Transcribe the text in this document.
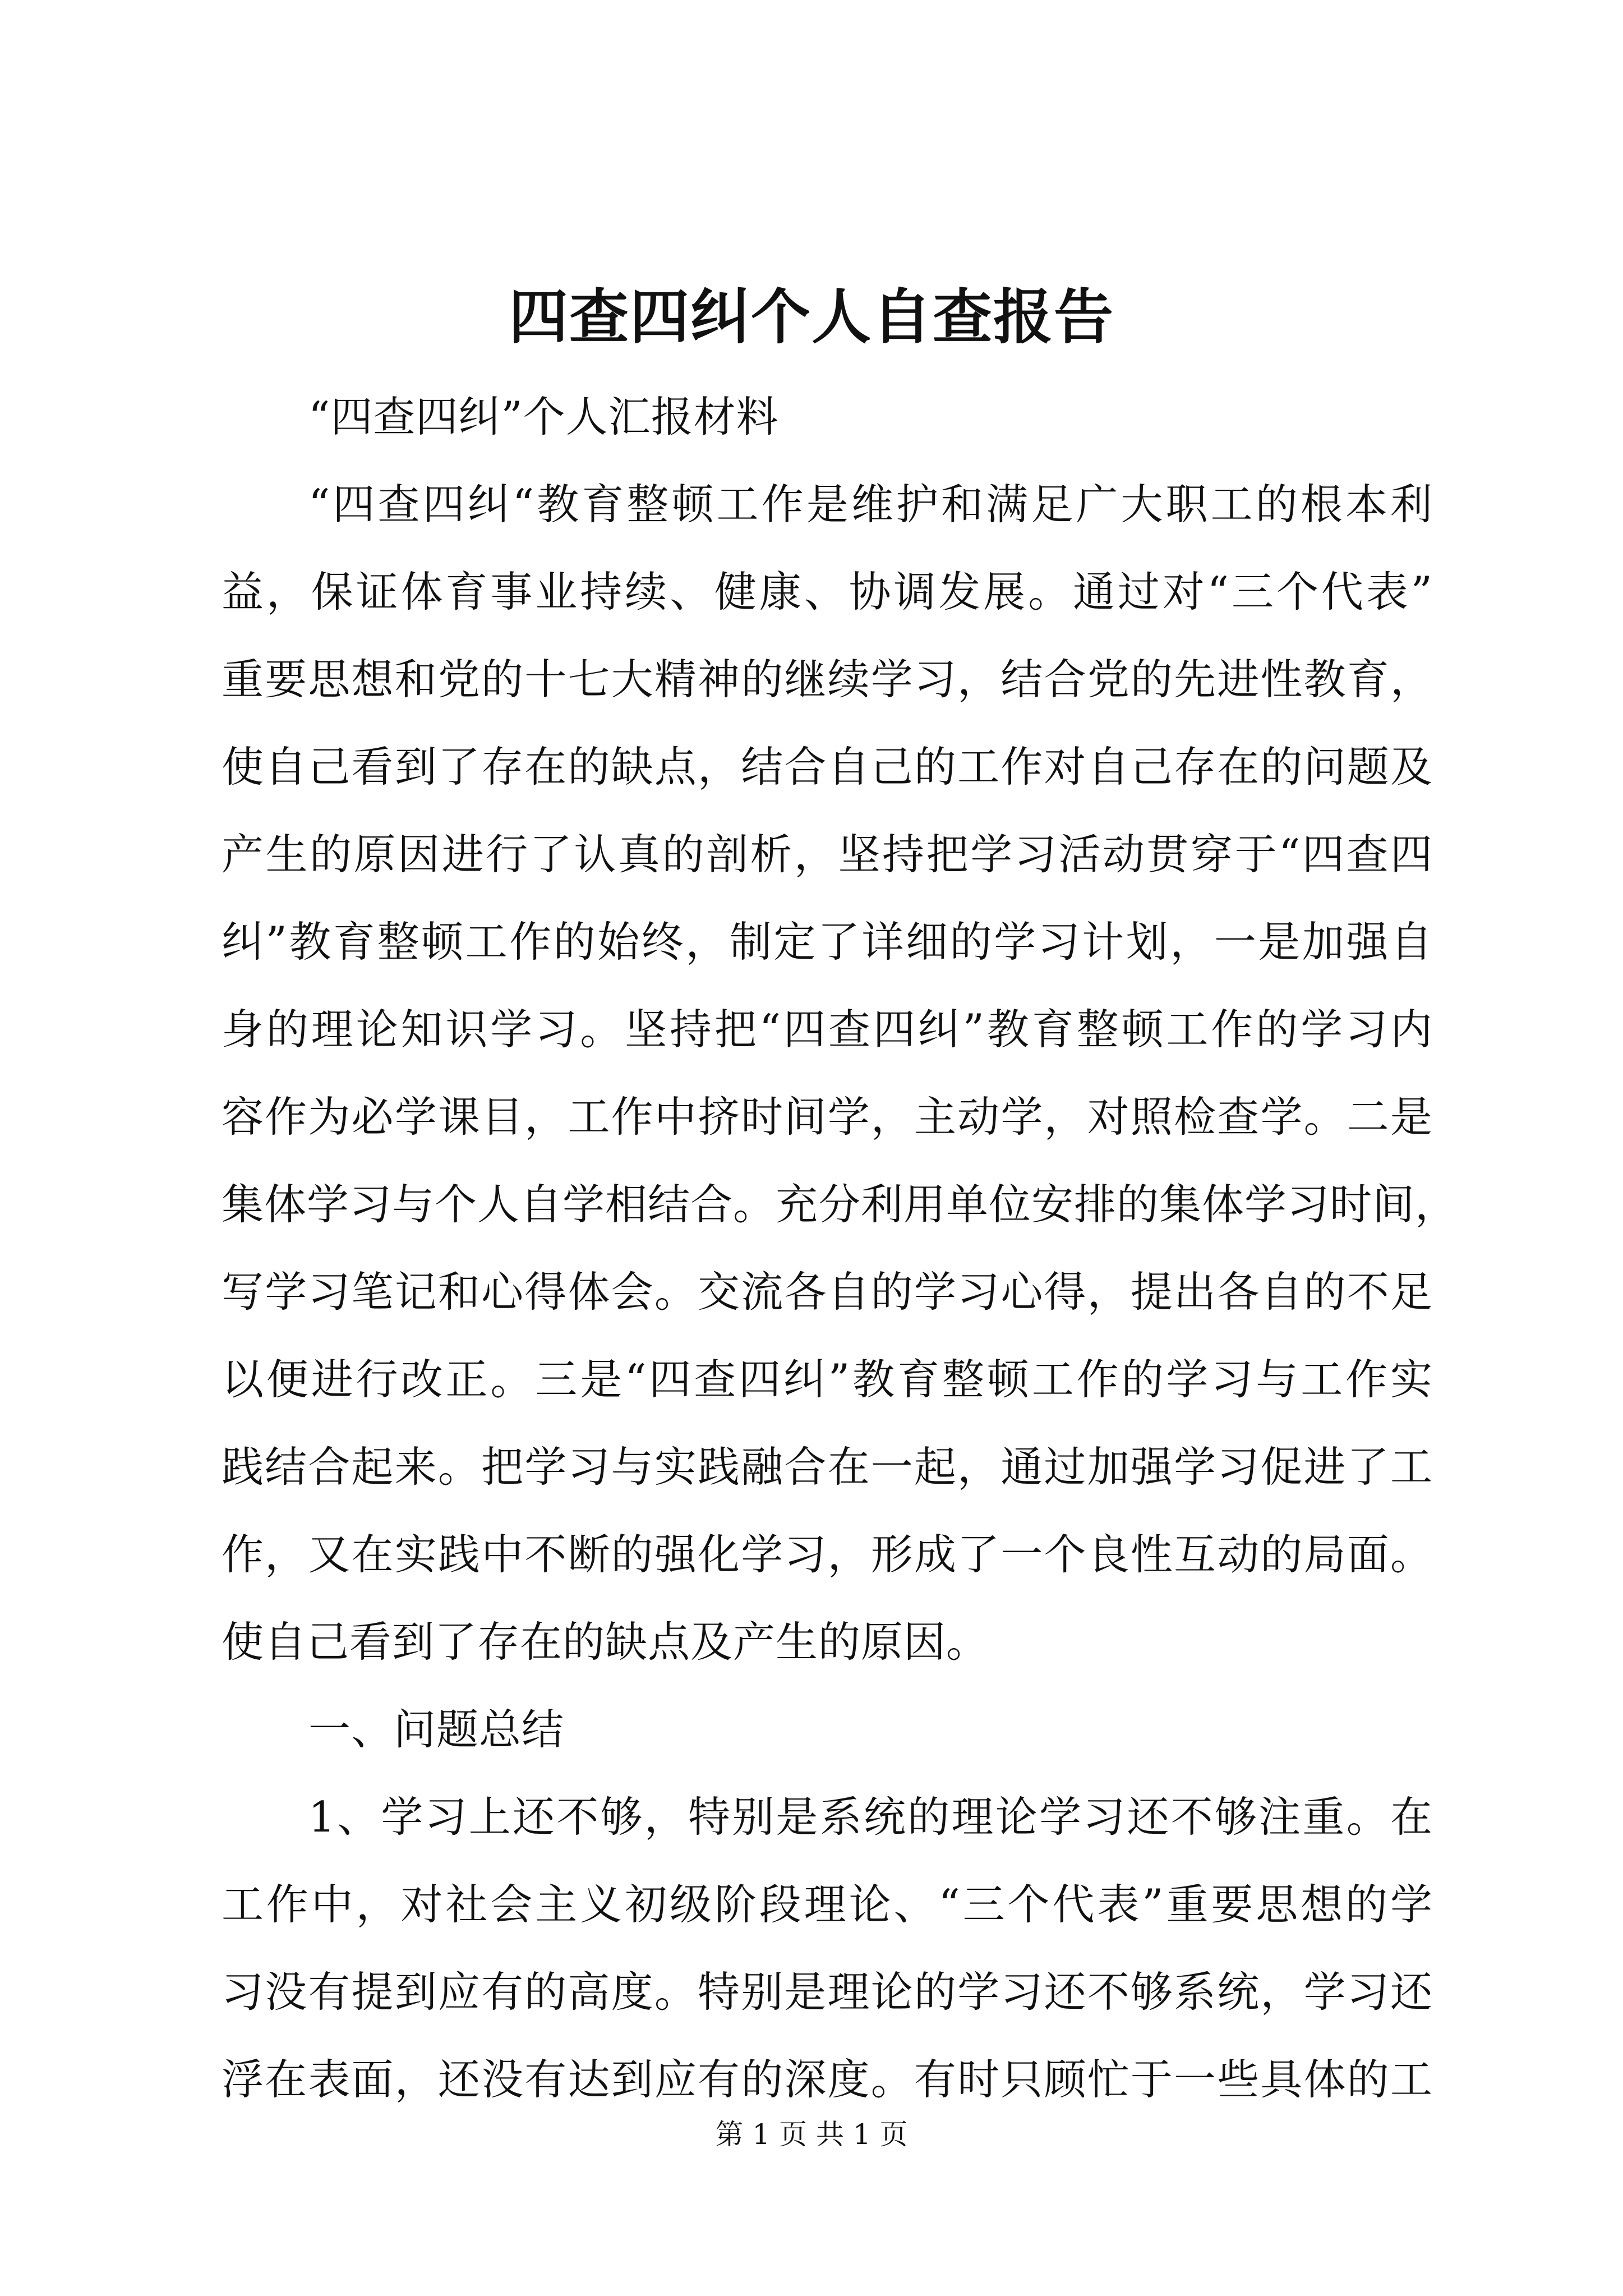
四查四纠个人自查报告
“四查四纠”个人汇报材料
“四查四纠“教育整顿工作是维护和满足广大职工的根本利
益，保证体育事业持续、健康、协调发展。通过对“三个代表”
重要思想和党的十七大精神的继续学习，结合党的先进性教育，
使自己看到了存在的缺点，结合自己的工作对自己存在的问题及
产生的原因进行了认真的剖析，坚持把学习活动贯穿于“四查四
纠”教育整顿工作的始终，制定了详细的学习计划，一是加强自
身的理论知识学习。坚持把“四查四纠”教育整顿工作的学习内
容作为必学课目，工作中挤时间学，主动学，对照检查学。二是
集体学习与个人自学相结合。充分利用单位安排的集体学习时间，
写学习笔记和心得体会。交流各自的学习心得，提出各自的不足
以便进行改正。三是“四查四纠”教育整顿工作的学习与工作实
践结合起来。把学习与实践融合在一起，通过加强学习促进了工
作，又在实践中不断的强化学习，形成了一个良性互动的局面。
使自己看到了存在的缺点及产生的原因。
一、问题总结
1、学习上还不够，特别是系统的理论学习还不够注重。在
工作中，对社会主义初级阶段理论、“三个代表”重要思想的学
习没有提到应有的高度。特别是理论的学习还不够系统，学习还
浮在表面，还没有达到应有的深度。有时只顾忙于一些具体的工
第 1 页 共 1 页
